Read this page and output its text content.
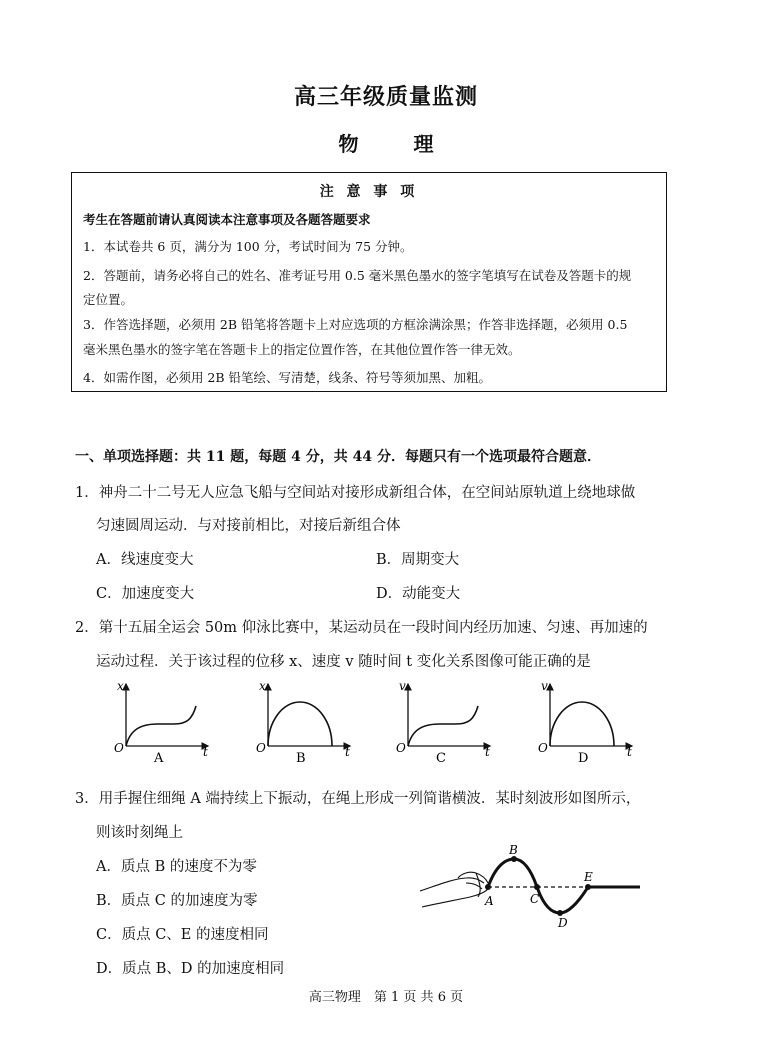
高三年级质量监测
物 理
注 意 事 项
考生在答题前请认真阅读本注意事项及各题答题要求
1．本试卷共 6 页，满分为 100 分，考试时间为 75 分钟。
2．答题前，请务必将自己的姓名、准考证号用 0.5 毫米黑色墨水的签字笔填写在试卷及答题卡的规
定位置。
3．作答选择题，必须用 2B 铅笔将答题卡上对应选项的方框涂满涂黑；作答非选择题，必须用 0.5
毫米黑色墨水的签字笔在答题卡上的指定位置作答，在其他位置作答一律无效。
4．如需作图，必须用 2B 铅笔绘、写清楚，线条、符号等须加黑、加粗。
一、单项选择题：共 11 题，每题 4 分，共 44 分．每题只有一个选项最符合题意．
1．神舟二十二号无人应急飞船与空间站对接形成新组合体，在空间站原轨道上绕地球做
匀速圆周运动．与对接前相比，对接后新组合体
A．线速度变大	B．周期变大
C．加速度变大	D．动能变大
2．第十五届全运会 50m 仰泳比赛中，某运动员在一段时间内经历加速、匀速、再加速的
运动过程．关于该过程的位移 x、速度 v 随时间 t 变化关系图像可能正确的是
x
t
O
A
x
t
O
B
v
t
O
C
v
t
O
D
3．用手握住细绳 A 端持续上下振动，在绳上形成一列简谐横波．某时刻波形如图所示，
则该时刻绳上
A．质点 B 的速度不为零
B．质点 C 的加速度为零
C．质点 C、E 的速度相同
D．质点 B、D 的加速度相同
A
B
C
D
E
高三物理　第 1 页 共 6 页
